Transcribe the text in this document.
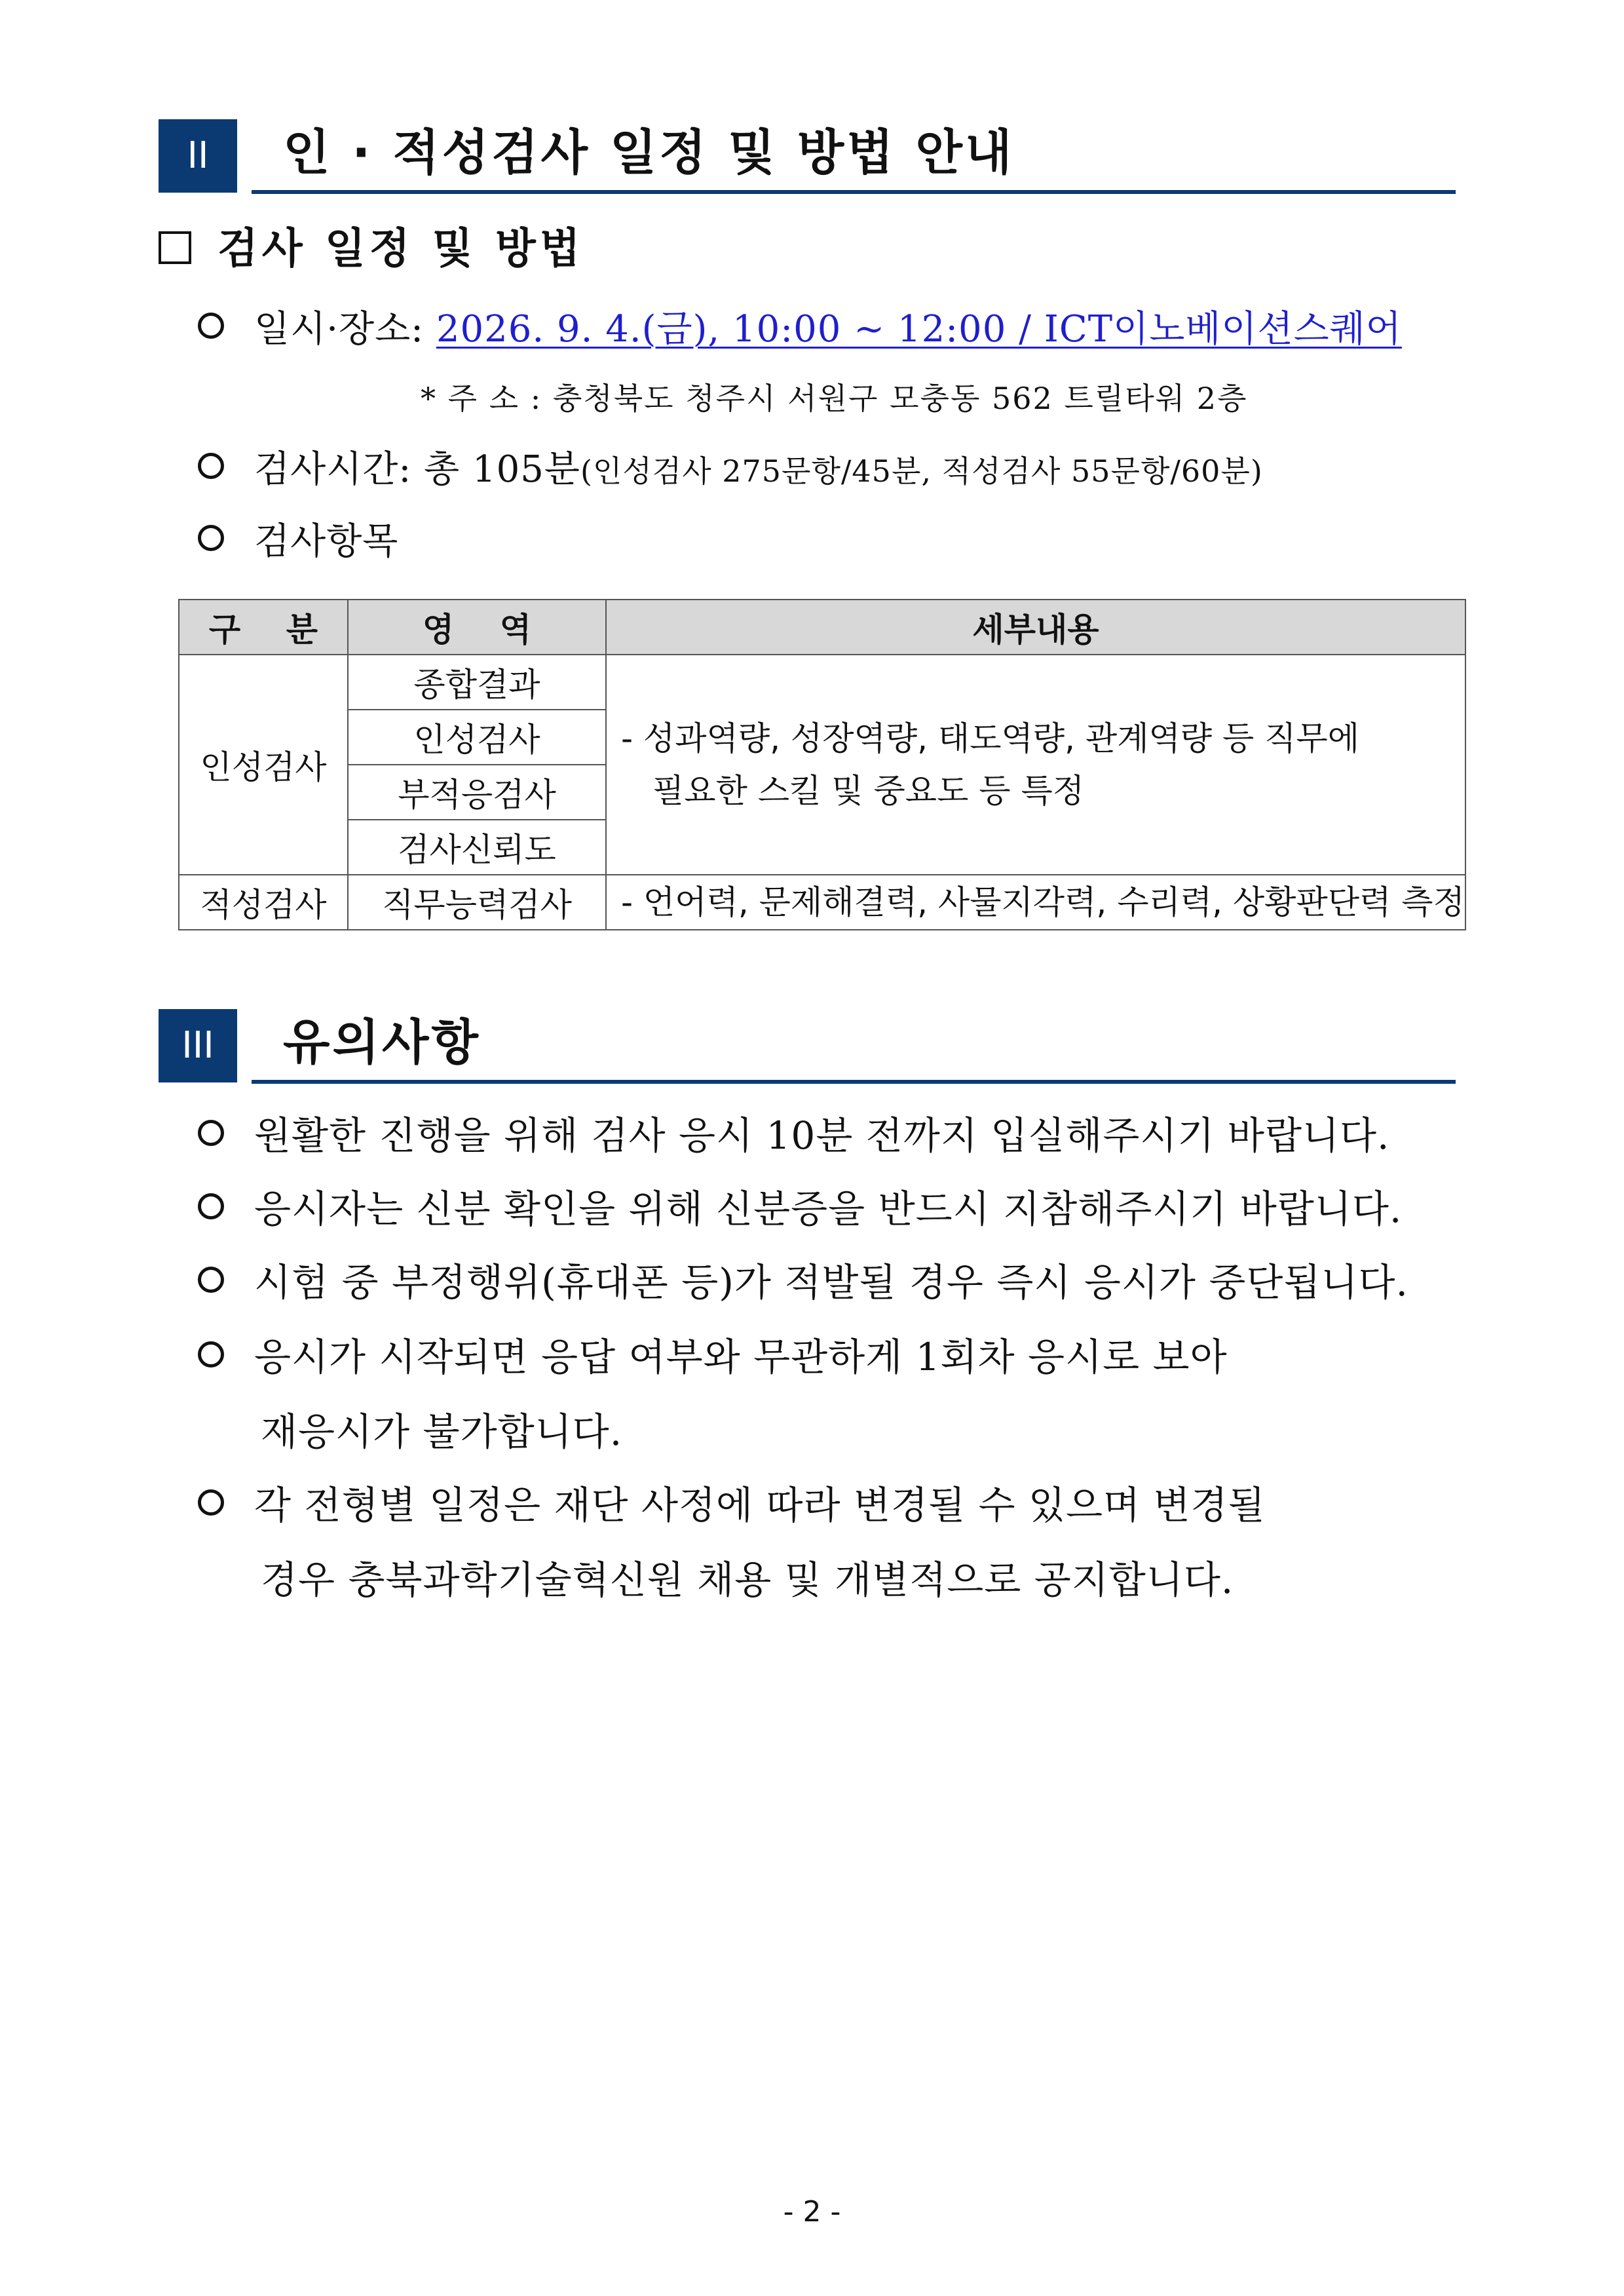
II	인 · 적성검사 일정 및 방법 안내
검사 일정 및 방법
일시·장소: 2026. 9. 4.(금), 10:00 ~ 12:00 / ICT이노베이션스퀘어
* 주 소 : 충청북도 청주시 서원구 모충동 562 트릴타워 2층
검사시간: 총 105분(인성검사 275문항/45분, 적성검사 55문항/60분)
검사항목
구    분	영    역	세부내용
인성검사	종합결과	- 성과역량, 성장역량, 태도역량, 관계역량 등 직무에
필요한 스킬 및 중요도 등 특정

	인성검사	
	부적응검사	
	검사신뢰도	
적성검사	직무능력검사	- 언어력, 문제해결력, 사물지각력, 수리력, 상황판단력 측정
III	유의사항
원활한 진행을 위해 검사 응시 10분 전까지 입실해주시기 바랍니다.
응시자는 신분 확인을 위해 신분증을 반드시 지참해주시기 바랍니다.
시험 중 부정행위(휴대폰 등)가 적발될 경우 즉시 응시가 중단됩니다.
응시가 시작되면 응답 여부와 무관하게 1회차 응시로 보아
재응시가 불가합니다.
각 전형별 일정은 재단 사정에 따라 변경될 수 있으며 변경될
경우 충북과학기술혁신원 채용 및 개별적으로 공지합니다.
- 2 -
